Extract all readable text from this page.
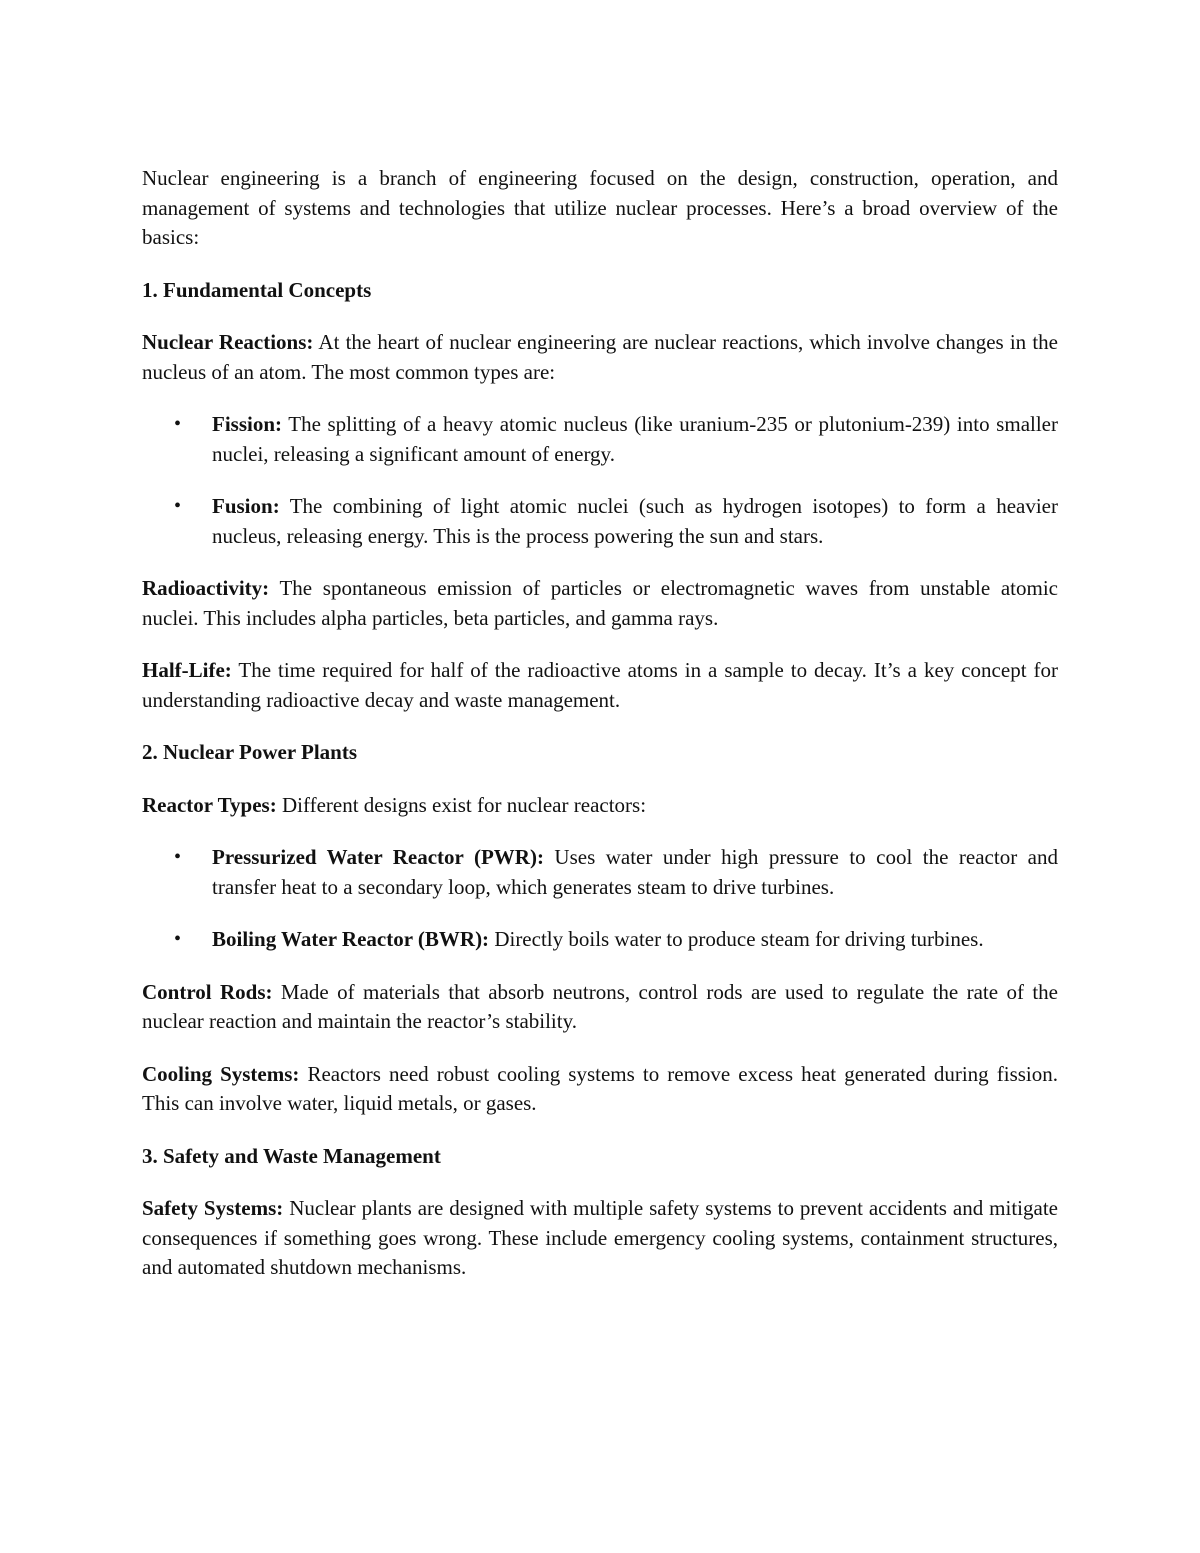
Nuclear engineering is a branch of engineering focused on the design, construction, operation, and management of systems and technologies that utilize nuclear processes. Here’s a broad overview of the basics:

1. Fundamental Concepts

Nuclear Reactions: At the heart of nuclear engineering are nuclear reactions, which involve changes in the nucleus of an atom. The most common types are:

• Fission: The splitting of a heavy atomic nucleus (like uranium-235 or plutonium-239) into smaller nuclei, releasing a significant amount of energy.
• Fusion: The combining of light atomic nuclei (such as hydrogen isotopes) to form a heavier nucleus, releasing energy. This is the process powering the sun and stars.

Radioactivity: The spontaneous emission of particles or electromagnetic waves from unstable atomic nuclei. This includes alpha particles, beta particles, and gamma rays.

Half-Life: The time required for half of the radioactive atoms in a sample to decay. It’s a key concept for understanding radioactive decay and waste management.

2. Nuclear Power Plants

Reactor Types: Different designs exist for nuclear reactors:

• Pressurized Water Reactor (PWR): Uses water under high pressure to cool the reactor and transfer heat to a secondary loop, which generates steam to drive turbines.
• Boiling Water Reactor (BWR): Directly boils water to produce steam for driving turbines.

Control Rods: Made of materials that absorb neutrons, control rods are used to regulate the rate of the nuclear reaction and maintain the reactor’s stability.

Cooling Systems: Reactors need robust cooling systems to remove excess heat generated during fission. This can involve water, liquid metals, or gases.

3. Safety and Waste Management

Safety Systems: Nuclear plants are designed with multiple safety systems to prevent accidents and mitigate consequences if something goes wrong. These include emergency cooling systems, containment structures, and automated shutdown mechanisms.
